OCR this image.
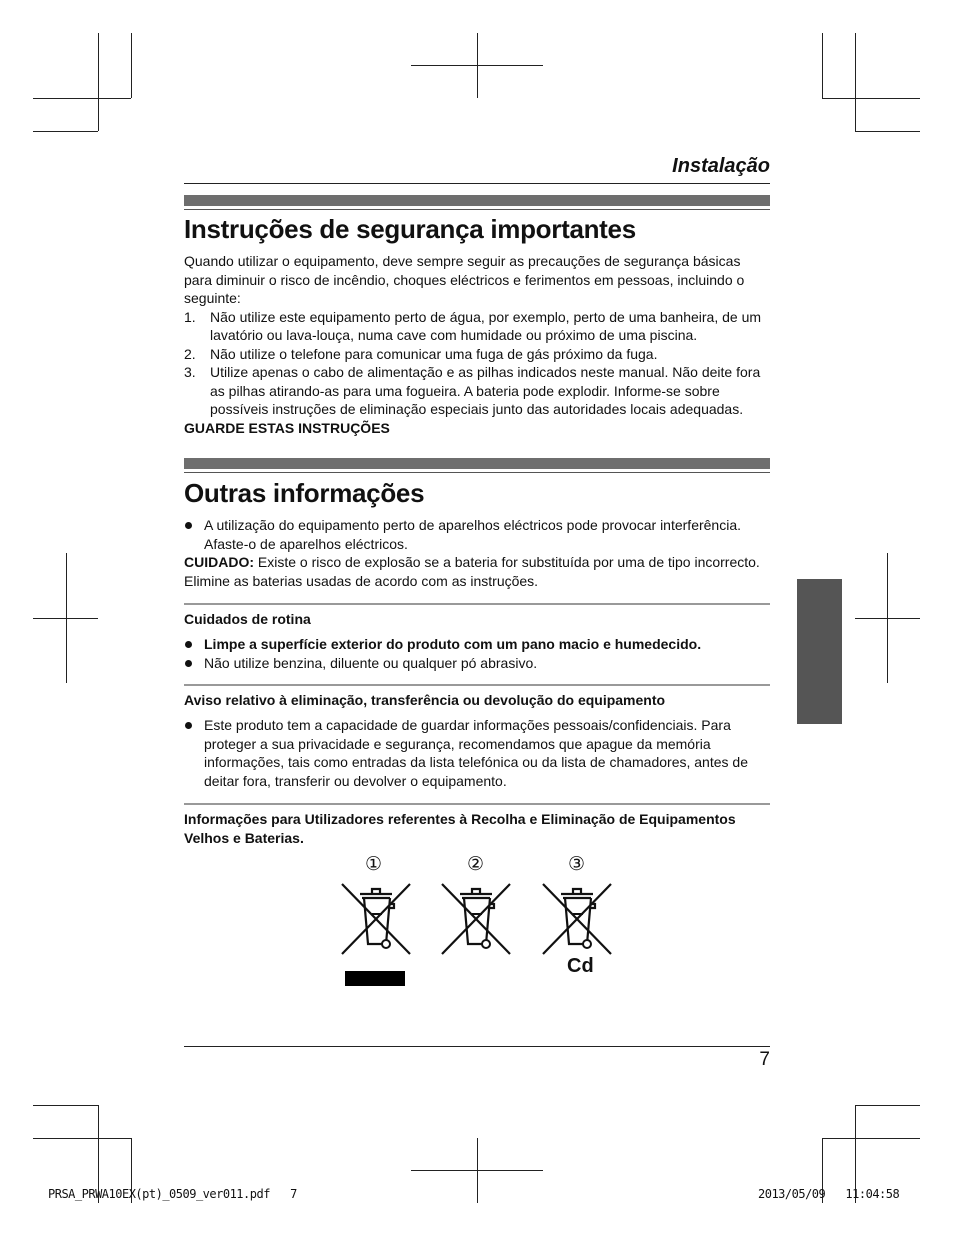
Instalação
Instruções de segurança importantes
Quando utilizar o equipamento, deve sempre seguir as precauções de segurança básicas para diminuir o risco de incêndio, choques eléctricos e ferimentos em pessoas, incluindo o seguinte:
1. Não utilize este equipamento perto de água, por exemplo, perto de uma banheira, de um lavatório ou lava-louça, numa cave com humidade ou próximo de uma piscina.
2. Não utilize o telefone para comunicar uma fuga de gás próximo da fuga.
3. Utilize apenas o cabo de alimentação e as pilhas indicados neste manual. Não deite fora as pilhas atirando-as para uma fogueira. A bateria pode explodir. Informe-se sobre possíveis instruções de eliminação especiais junto das autoridades locais adequadas.
GUARDE ESTAS INSTRUÇÕES
Outras informações
A utilização do equipamento perto de aparelhos eléctricos pode provocar interferência. Afaste-o de aparelhos eléctricos.
CUIDADO: Existe o risco de explosão se a bateria for substituída por uma de tipo incorrecto. Elimine as baterias usadas de acordo com as instruções.
Cuidados de rotina
Limpe a superfície exterior do produto com um pano macio e humedecido.
Não utilize benzina, diluente ou qualquer pó abrasivo.
Aviso relativo à eliminação, transferência ou devolução do equipamento
Este produto tem a capacidade de guardar informações pessoais/confidenciais. Para proteger a sua privacidade e segurança, recomendamos que apague da memória informações, tais como entradas da lista telefónica ou da lista de chamadores, antes de deitar fora, transferir ou devolver o equipamento.
Informações para Utilizadores referentes à Recolha e Eliminação de Equipamentos Velhos e Baterias.
①	②	③
Cd
7
PRSA_PRWA10EX(pt)_0509_ver011.pdf   7	2013/05/09   11:04:58
